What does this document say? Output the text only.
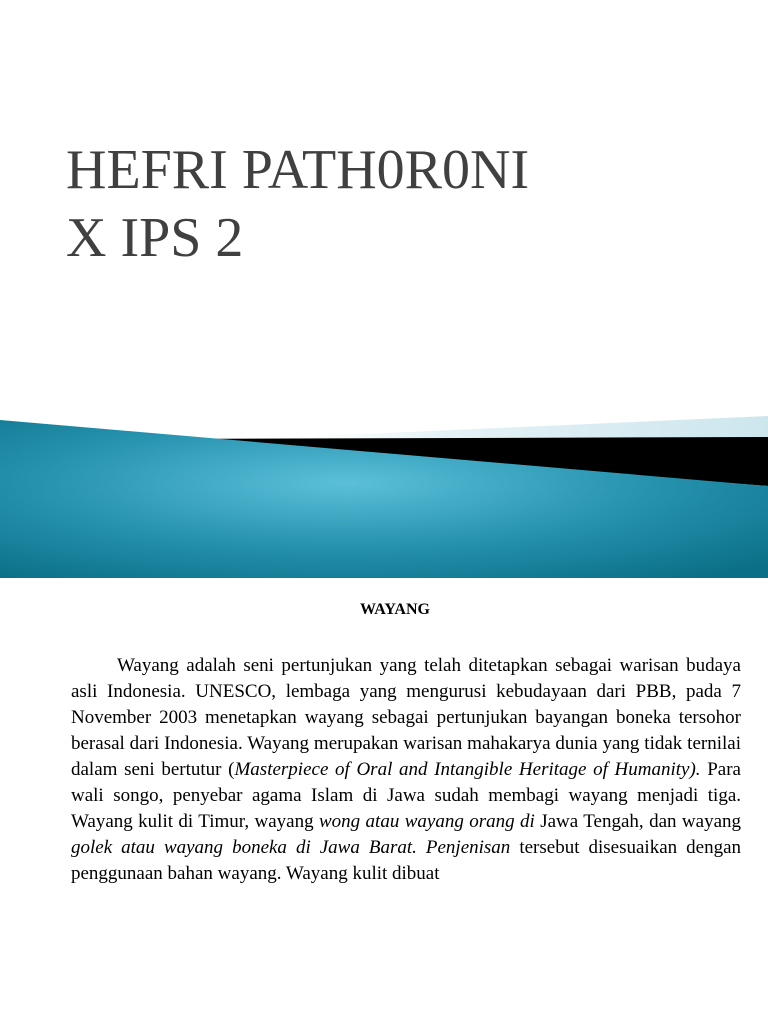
HEFRI PATH0R0NI
X IPS 2
WAYANG

Wayang adalah seni pertunjukan yang telah ditetapkan sebagai warisan budaya asli Indonesia. UNESCO, lembaga yang mengurusi kebudayaan dari PBB, pada 7 November 2003 menetapkan wayang sebagai pertunjukan bayangan boneka tersohor berasal dari Indonesia. Wayang merupakan warisan mahakarya dunia yang tidak ternilai dalam seni bertutur (Masterpiece of Oral and Intangible Heritage of Humanity). Para wali songo, penyebar agama Islam di Jawa sudah membagi wayang menjadi tiga. Wayang kulit di Timur, wayang wong atau wayang orang di Jawa Tengah, dan wayang golek atau wayang boneka di Jawa Barat. Penjenisan tersebut disesuaikan dengan penggunaan bahan wayang. Wayang kulit dibuat
